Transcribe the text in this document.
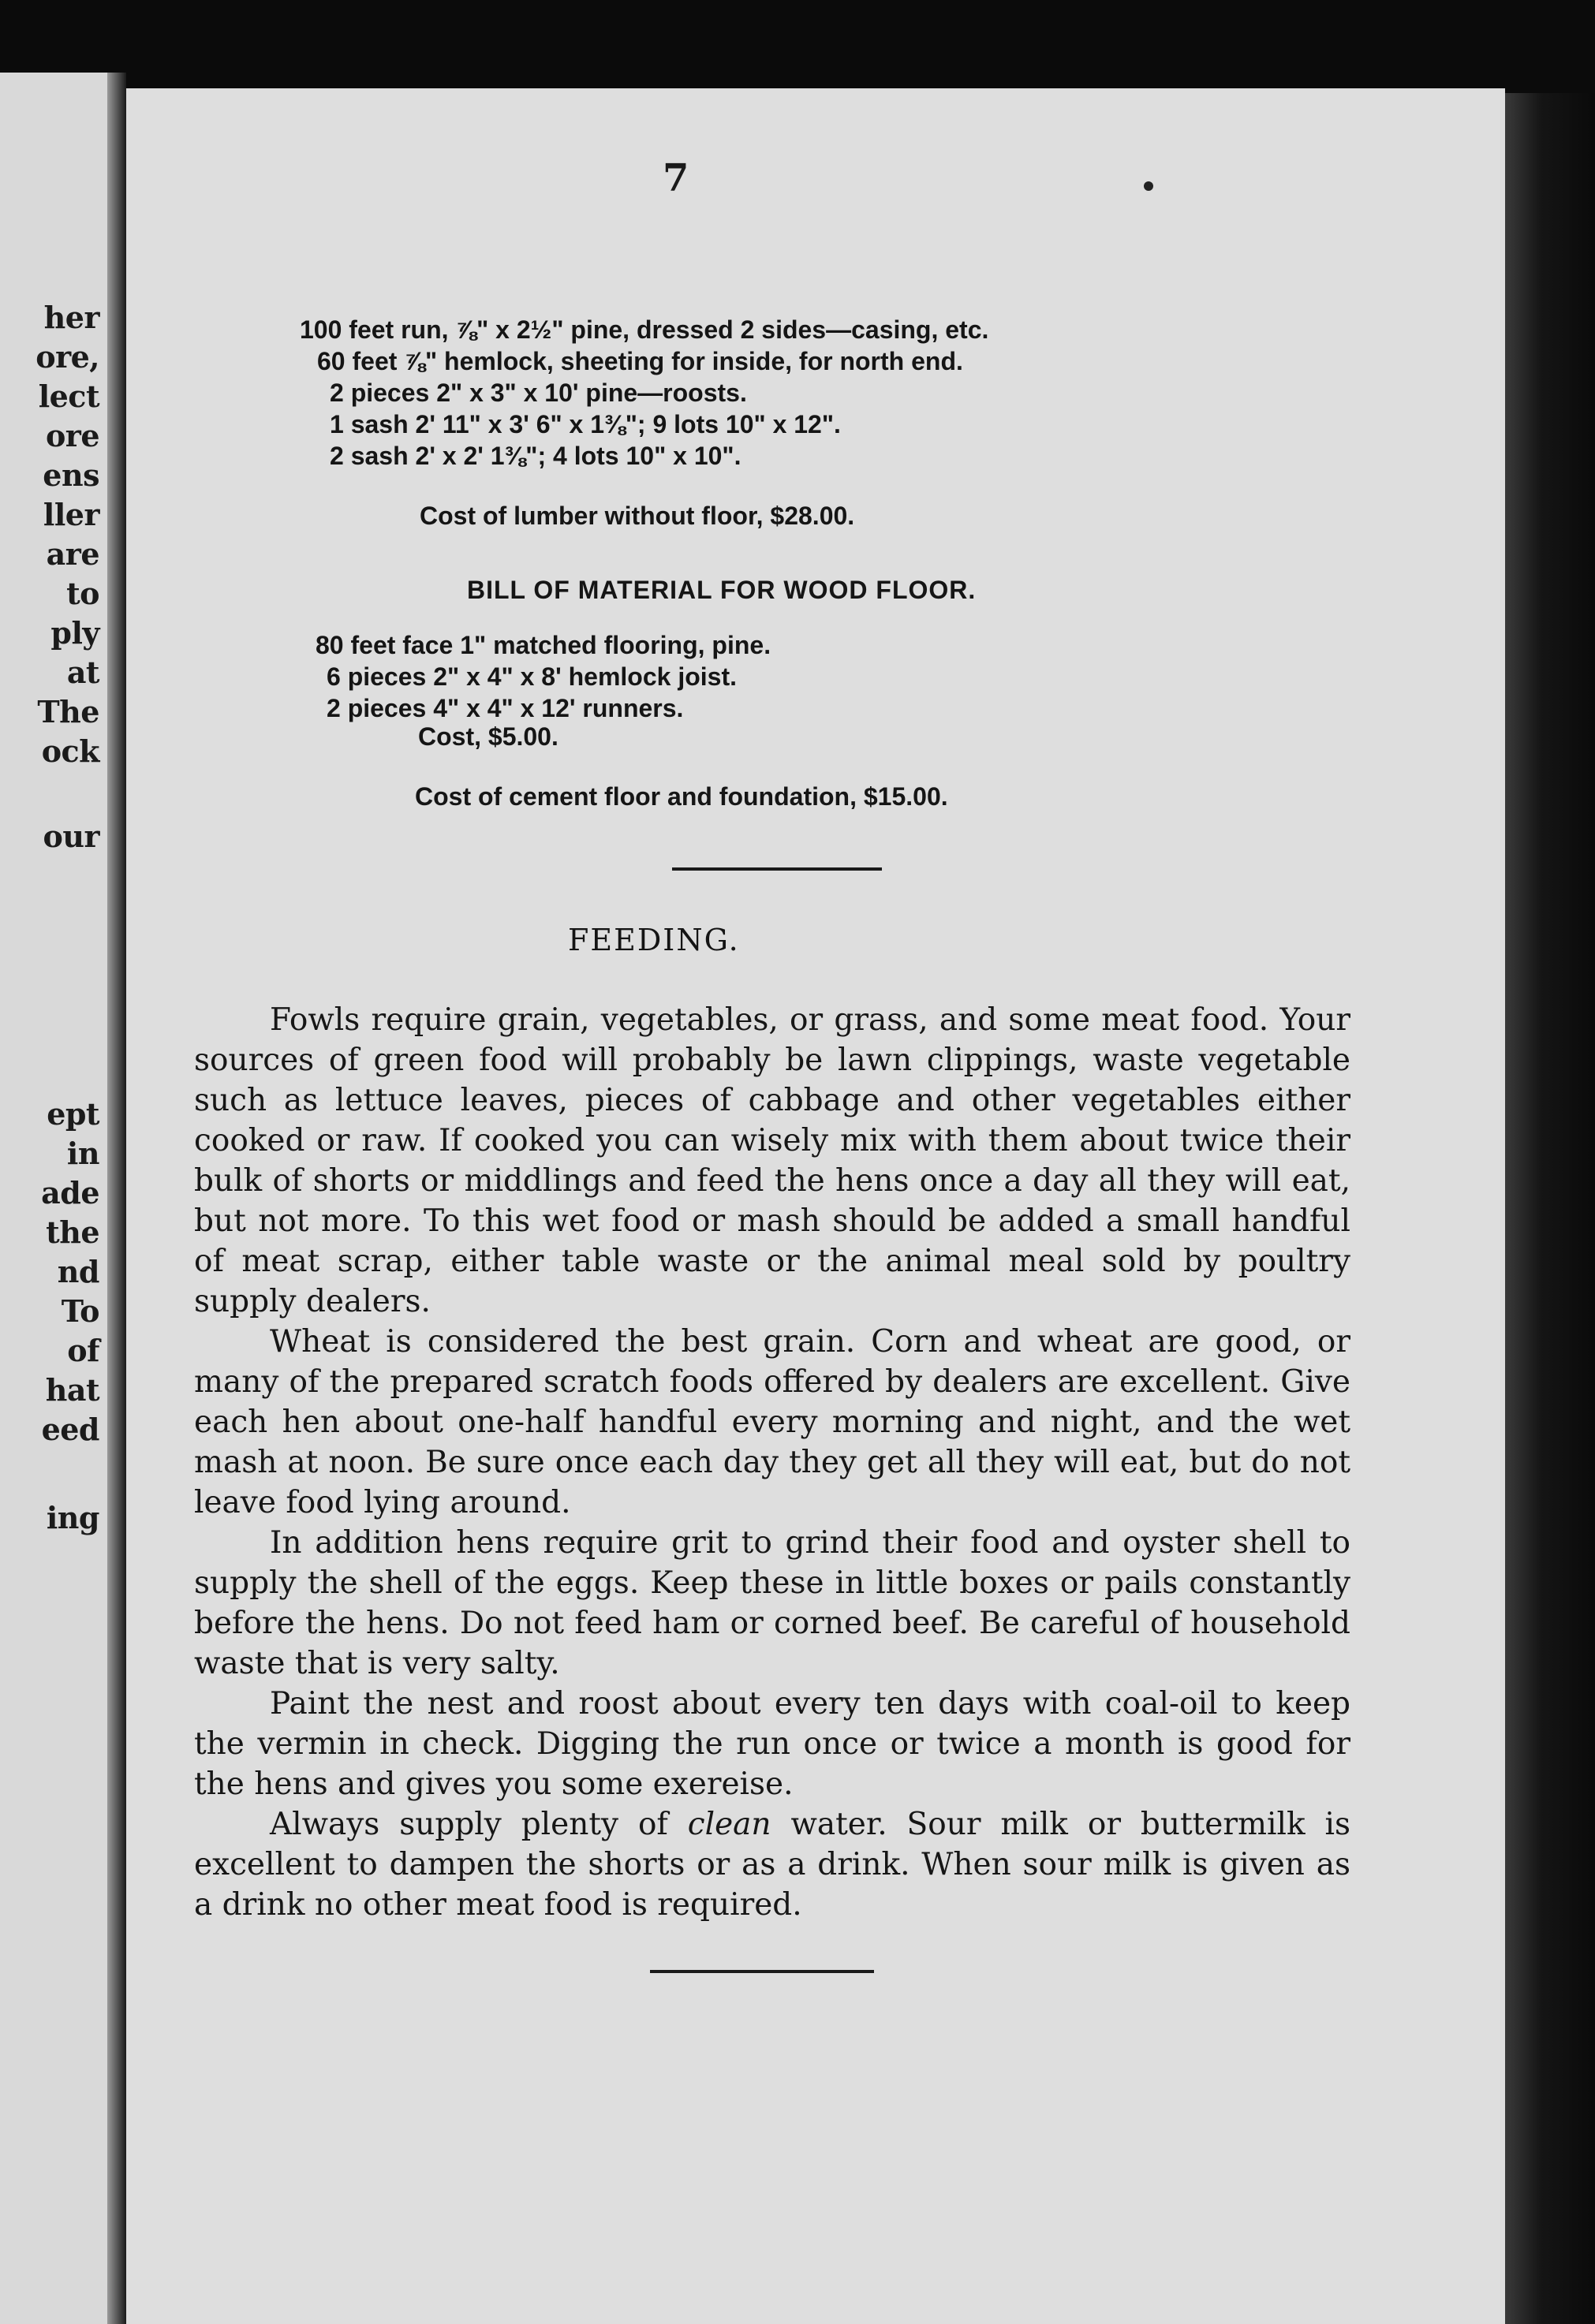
her
ore,
lect
ore
ens
ller
are
to
ply
at
The
ock
our
ept
in
ade
the
nd
To
of
hat
eed
ing
7
100 feet run, ⅞" x 2½" pine, dressed 2 sides—casing, etc.
60 feet ⅞" hemlock, sheeting for inside, for north end.
2 pieces 2" x 3" x 10' pine—roosts.
1 sash 2' 11" x 3' 6" x 1⅜"; 9 lots 10" x 12".
2 sash 2' x 2' 1⅜"; 4 lots 10" x 10".
Cost of lumber without floor, $28.00.
BILL OF MATERIAL FOR WOOD FLOOR.
80 feet face 1" matched flooring, pine.
6 pieces 2" x 4" x 8' hemlock joist.
2 pieces 4" x 4" x 12' runners.
Cost, $5.00.
Cost of cement floor and foundation, $15.00.
FEEDING.

Fowls require grain, vegetables, or grass, and some meat food. Your sources of green food will probably be lawn clippings, waste vegetable such as lettuce leaves, pieces of cabbage and other vegetables either cooked or raw. If cooked you can wisely mix with them about twice their bulk of shorts or middlings and feed the hens once a day all they will eat, but not more. To this wet food or mash should be added a small handful of meat scrap, either table waste or the animal meal sold by poultry supply dealers.

Wheat is considered the best grain. Corn and wheat are good, or many of the prepared scratch foods offered by dealers are excellent. Give each hen about one-half handful every morning and night, and the wet mash at noon. Be sure once each day they get all they will eat, but do not leave food lying around.

In addition hens require grit to grind their food and oyster shell to supply the shell of the eggs. Keep these in little boxes or pails constantly before the hens. Do not feed ham or corned beef. Be careful of household waste that is very salty.

Paint the nest and roost about every ten days with coal-oil to keep the vermin in check. Digging the run once or twice a month is good for the hens and gives you some exereise.

Always supply plenty of clean water. Sour milk or buttermilk is excellent to dampen the shorts or as a drink. When sour milk is given as a drink no other meat food is required.
